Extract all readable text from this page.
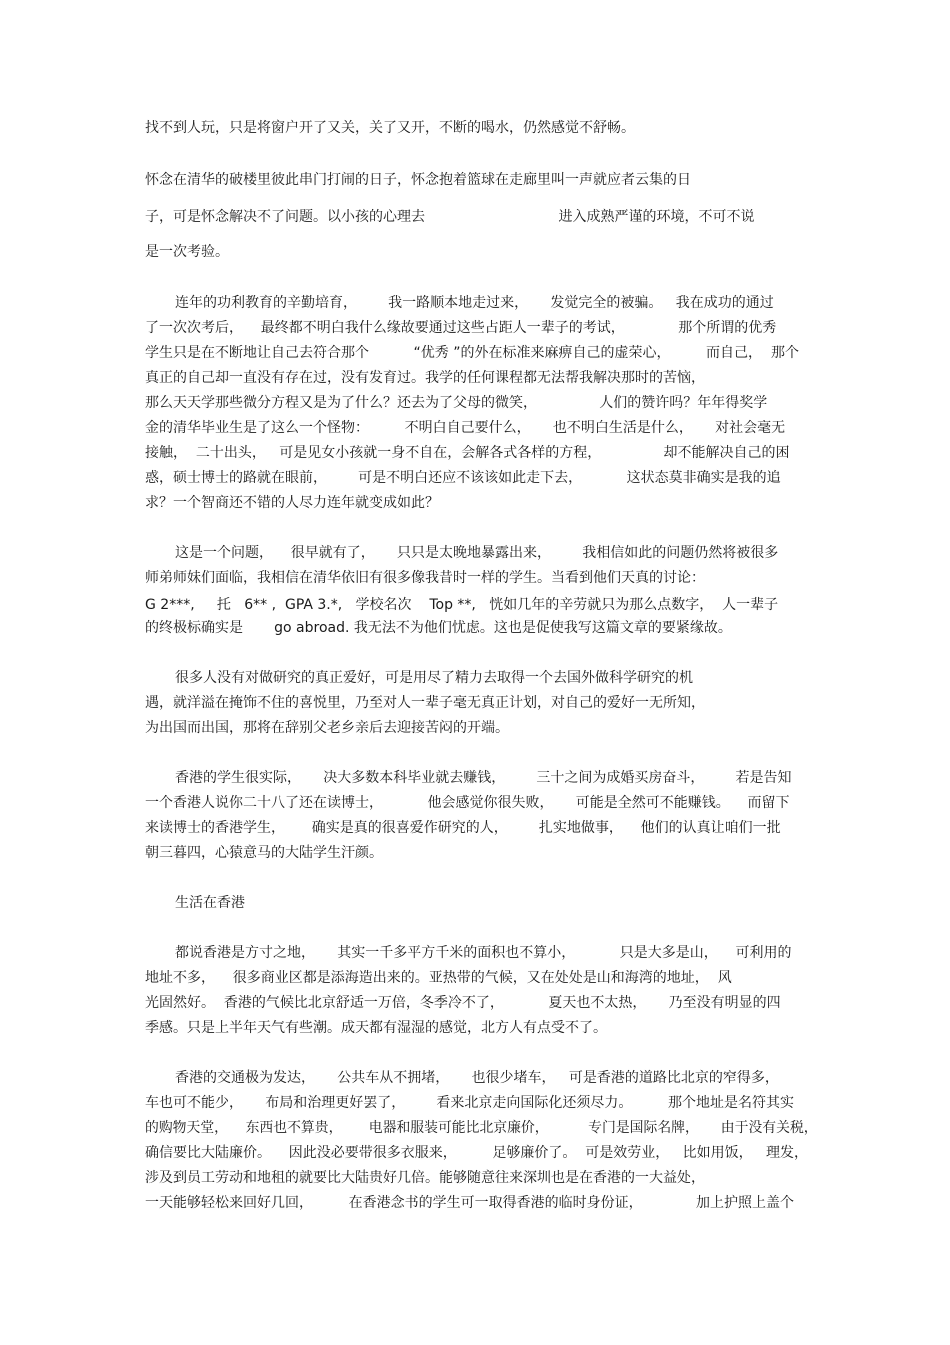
找不到人玩，只是将窗户开了又关，关了又开，不断的喝水，仍然感觉不舒畅。

怀念在清华的破楼里彼此串门打闹的日子，怀念抱着篮球在走廊里叫一声就应者云集的日

子，可是怀念解决不了问题。以小孩的心理去                              进入成熟严谨的环境，不可不说

是一次考验。

连年的功利教育的辛勤培育，       我一路顺本地走过来，     发觉完全的被骗。   我在成功的通过

了一次次考后，    最终都不明白我什么缘故要通过这些占距人一辈子的考试，            那个所谓的优秀

学生只是在不断地让自己去符合那个          “优秀 ”的外在标准来麻痹自己的虚荣心，        而自己，  那个

真正的自己却一直没有存在过，没有发育过。我学的任何课程都无法帮我解决那时的苦恼，

那么天天学那些微分方程又是为了什么？还去为了父母的微笑，              人们的赞许吗？年年得奖学

金的清华毕业生是了这么一个怪物：        不明白自己要什么，     也不明白生活是什么，     对社会毫无

接触，  二十出头，   可是见女小孩就一身不自在，会解各式各样的方程，              却不能解决自己的困

惑，硕士博士的路就在眼前，       可是不明白还应不该该如此走下去，          这状态莫非确实是我的追

求？一个智商还不错的人尽力连年就变成如此？

这是一个问题，    很早就有了，     只只是太晚地暴露出来，       我相信如此的问题仍然将被很多

师弟师妹们面临，我相信在清华依旧有很多像我昔时一样的学生。当看到他们天真的讨论：

G 2***,     托   6** ,  GPA 3.*,   学校名次    Top **,   恍如几年的辛劳就只为那么点数字，  人一辈子

的终极标确实是       go abroad. 我无法不为他们忧虑。这也是促使我写这篇文章的要紧缘故。

很多人没有对做研究的真正爱好，可是用尽了精力去取得一个去国外做科学研究的机

遇，就洋溢在掩饰不住的喜悦里，乃至对人一辈子毫无真正计划，对自己的爱好一无所知，

为出国而出国，那将在辞别父老乡亲后去迎接苦闷的开端。

香港的学生很实际，     决大多数本科毕业就去赚钱，       三十之间为成婚买房奋斗，       若是告知

一个香港人说你二十八了还在读博士，          他会感觉你很失败，     可能是全然可不能赚钱。    而留下

来读博士的香港学生，      确实是真的很喜爱作研究的人，       扎实地做事，    他们的认真让咱们一批

朝三暮四，心猿意马的大陆学生汗颜。

生活在香港

都说香港是方寸之地，     其实一千多平方千米的面积也不算小，          只是大多是山，    可利用的

地址不多，    很多商业区都是添海造出来的。亚热带的气候，又在处处是山和海湾的地址，  风

光固然好。  香港的气候比北京舒适一万倍，冬季冷不了，          夏天也不太热，     乃至没有明显的四

季感。只是上半年天气有些潮。成天都有湿湿的感觉，北方人有点受不了。

香港的交通极为发达，     公共车从不拥堵，     也很少堵车，   可是香港的道路比北京的窄得多，

车也可不能少，     布局和治理更好罢了，       看来北京走向国际化还须尽力。        那个地址是名符其实

的购物天堂，    东西也不算贵，      电器和服装可能比北京廉价，         专门是国际名牌，     由于没有关税，

确信要比大陆廉价。    因此没必要带很多衣服来，        足够廉价了。  可是效劳业，   比如用饭，   理发，

涉及到员工劳动和地租的就要比大陆贵好几倍。能够随意往来深圳也是在香港的一大益处，

一天能够轻松来回好几回，        在香港念书的学生可一取得香港的临时身份证，            加上护照上盖个
